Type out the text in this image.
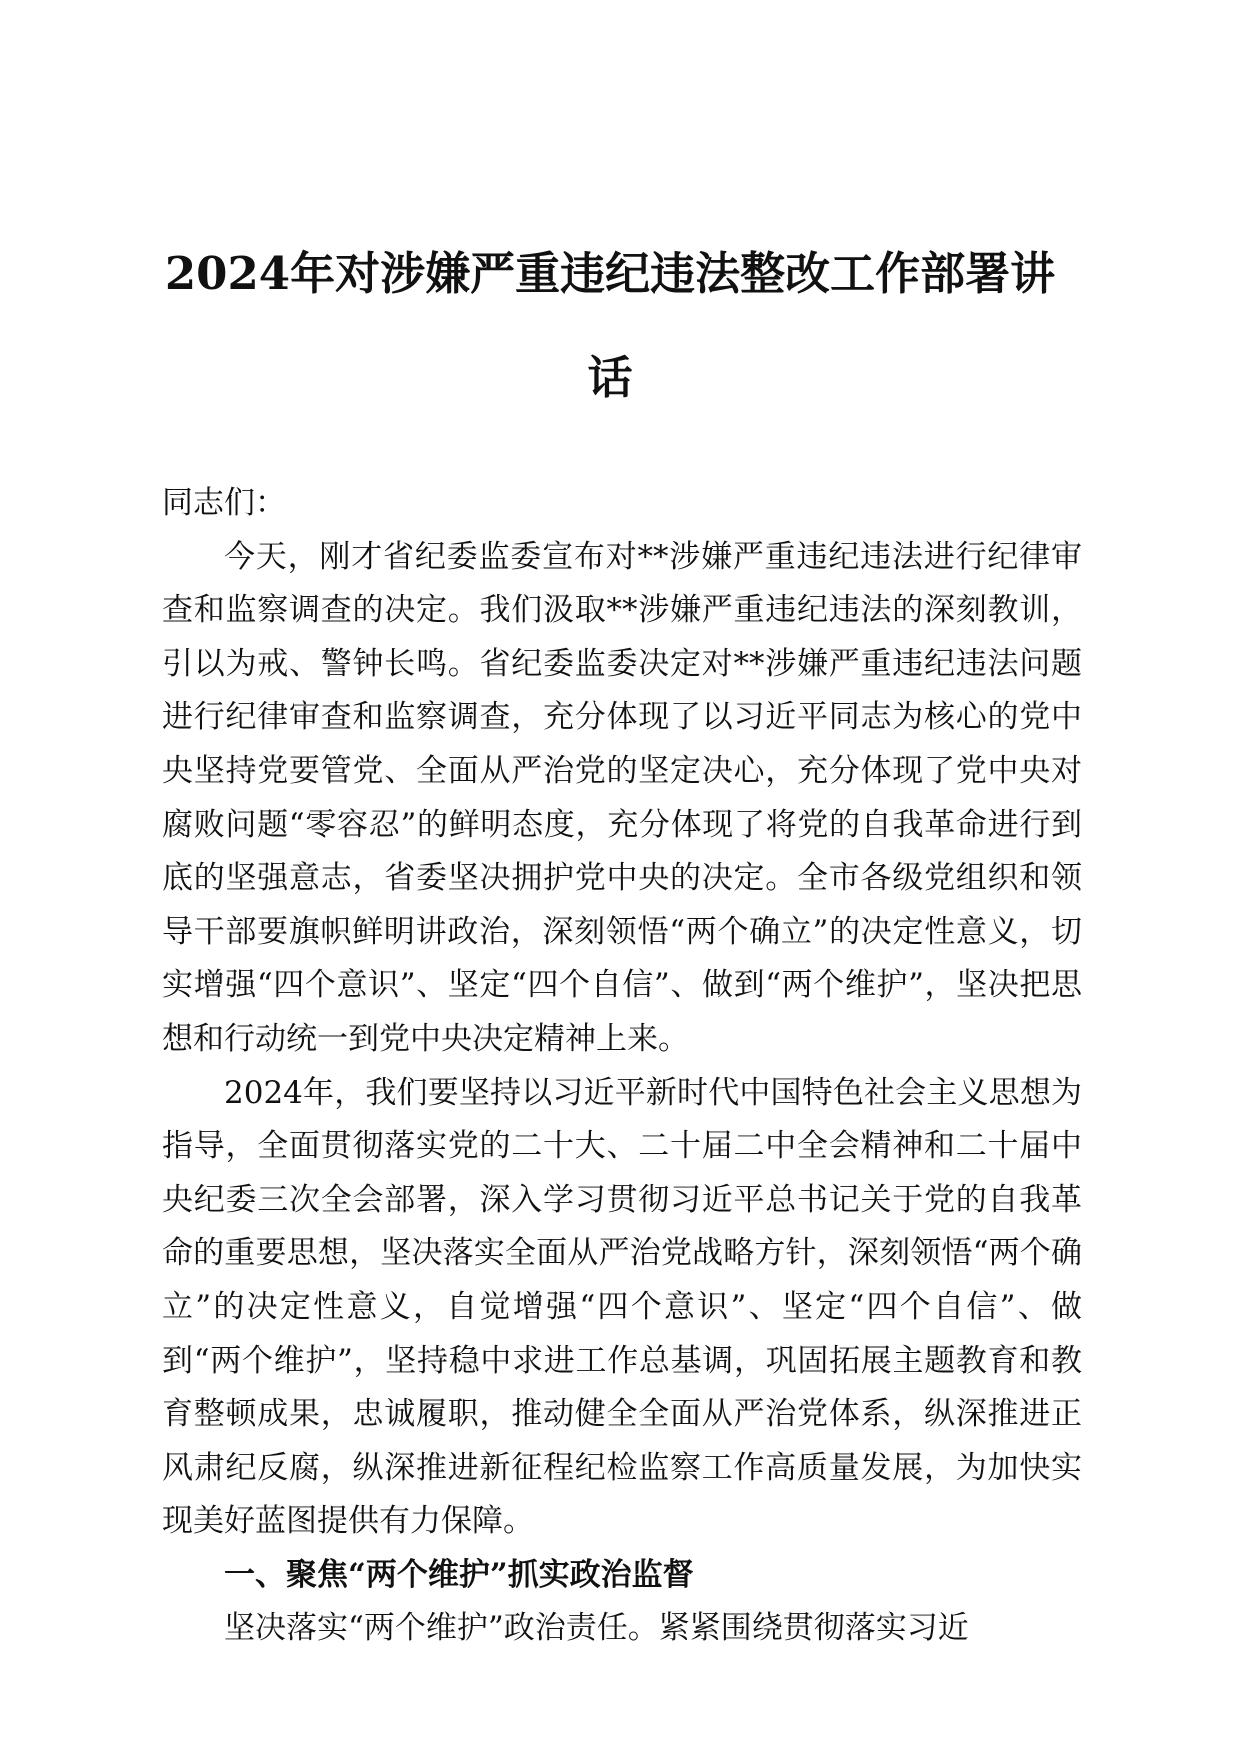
2024年对涉嫌严重违纪违法整改工作部署讲话

同志们：

今天，刚才省纪委监委宣布对**涉嫌严重违纪违法进行纪律审查和监察调查的决定。我们汲取**涉嫌严重违纪违法的深刻教训，引以为戒、警钟长鸣。省纪委监委决定对**涉嫌严重违纪违法问题进行纪律审查和监察调查，充分体现了以习近平同志为核心的党中央坚持党要管党、全面从严治党的坚定决心，充分体现了党中央对腐败问题“零容忍”的鲜明态度，充分体现了将党的自我革命进行到底的坚强意志，省委坚决拥护党中央的决定。全市各级党组织和领导干部要旗帜鲜明讲政治，深刻领悟“两个确立”的决定性意义，切实增强“四个意识”、坚定“四个自信”、做到“两个维护”，坚决把思想和行动统一到党中央决定精神上来。

2024年，我们要坚持以习近平新时代中国特色社会主义思想为指导，全面贯彻落实党的二十大、二十届二中全会精神和二十届中央纪委三次全会部署，深入学习贯彻习近平总书记关于党的自我革命的重要思想，坚决落实全面从严治党战略方针，深刻领悟“两个确立”的决定性意义，自觉增强“四个意识”、坚定“四个自信”、做到“两个维护”，坚持稳中求进工作总基调，巩固拓展主题教育和教育整顿成果，忠诚履职，推动健全全面从严治党体系，纵深推进正风肃纪反腐，纵深推进新征程纪检监察工作高质量发展，为加快实现美好蓝图提供有力保障。

一、聚焦“两个维护”抓实政治监督

坚决落实“两个维护”政治责任。紧紧围绕贯彻落实习近
